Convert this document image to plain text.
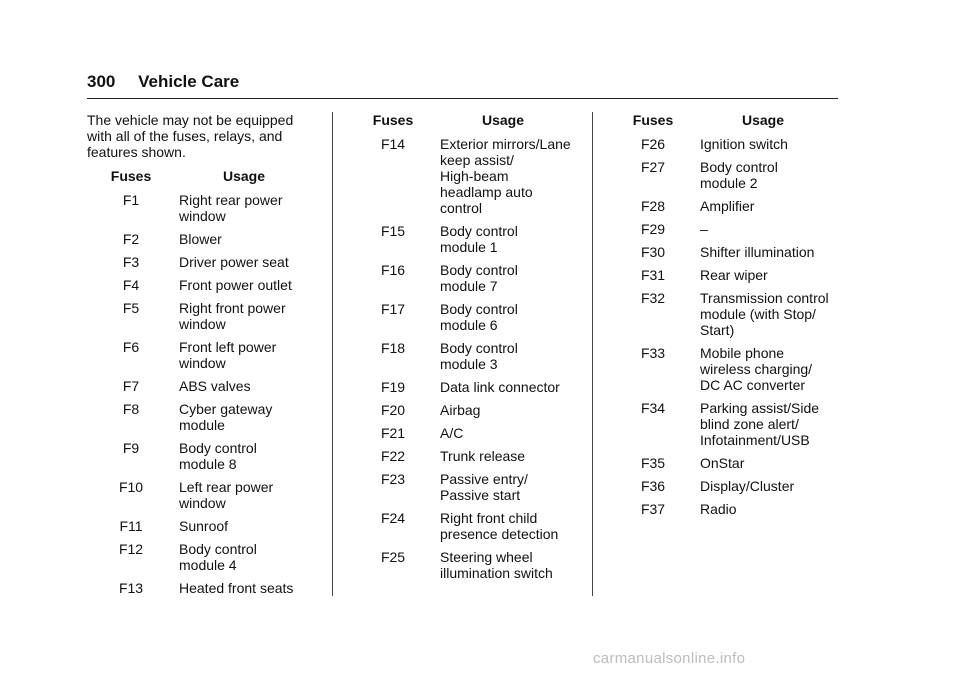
300 Vehicle Care

The vehicle may not be equipped with all of the fuses, relays, and features shown.

Fuses	Usage
F1	Right rear power
window

F2	Blower

F3	Driver power seat

F4	Front power outlet

F5	Right front power
window

F6	Front left power
window

F7	ABS valves

F8	Cyber gateway
module

F9	Body control
module 8

F10	Left rear power
window

F11	Sunroof

F12	Body control
module 4

F13	Heated front seats
Fuses	Usage
F14	Exterior mirrors/Lane
keep assist/
High-beam
headlamp auto
control

F15	Body control
module 1

F16	Body control
module 7

F17	Body control
module 6

F18	Body control
module 3

F19	Data link connector

F20	Airbag

F21	A/C

F22	Trunk release

F23	Passive entry/
Passive start

F24	Right front child
presence detection

F25	Steering wheel
illumination switch
Fuses	Usage
F26	Ignition switch

F27	Body control
module 2

F28	Amplifier

F29	–

F30	Shifter illumination

F31	Rear wiper

F32	Transmission control
module (with Stop/
Start)

F33	Mobile phone
wireless charging/
DC AC converter

F34	Parking assist/Side
blind zone alert/
Infotainment/USB

F35	OnStar

F36	Display/Cluster

F37	Radio
carmanualsonline.info
